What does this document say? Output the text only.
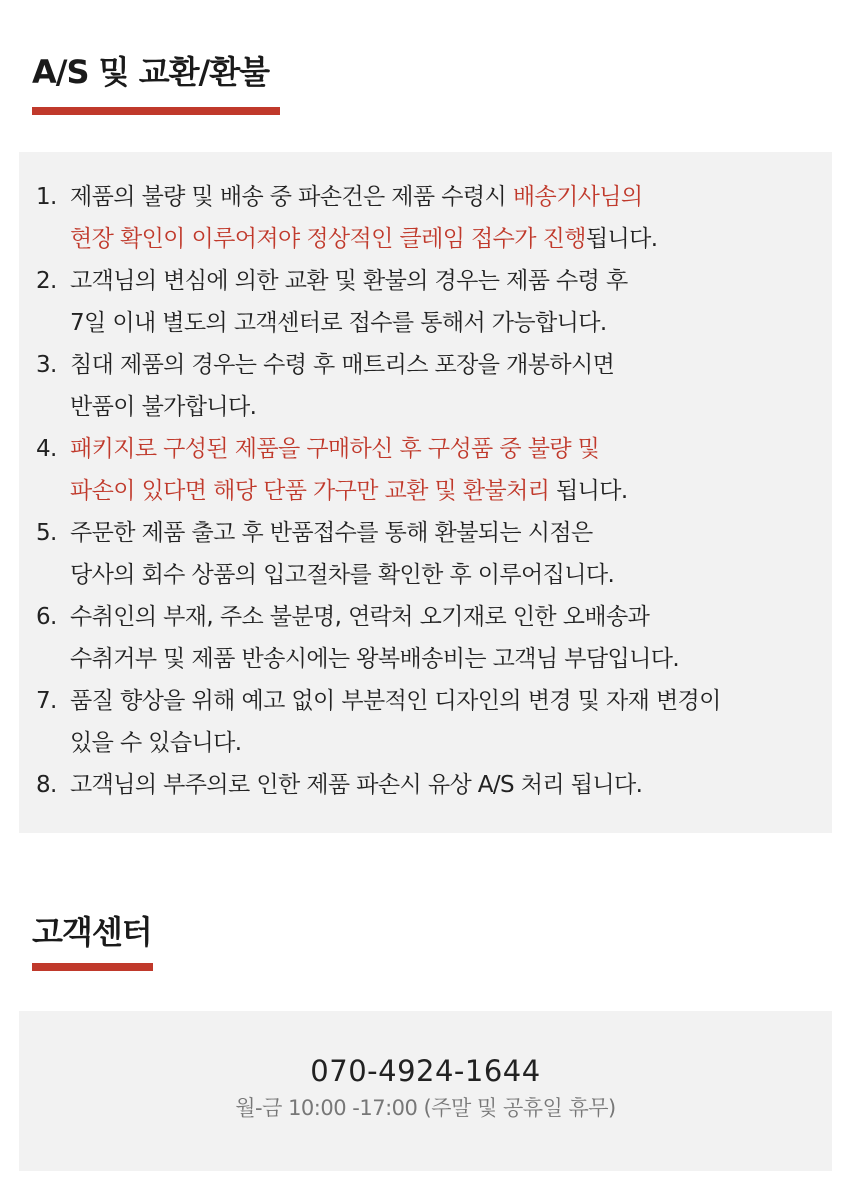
A/S 및 교환/환불
1. 제품의 불량 및 배송 중 파손건은 제품 수령시 배송기사님의
현장 확인이 이루어져야 정상적인 클레임 접수가 진행됩니다.
2. 고객님의 변심에 의한 교환 및 환불의 경우는 제품 수령 후
7일 이내 별도의 고객센터로 접수를 통해서 가능합니다.
3. 침대 제품의 경우는 수령 후 매트리스 포장을 개봉하시면
반품이 불가합니다.
4. 패키지로 구성된 제품을 구매하신 후 구성품 중 불량 및
파손이 있다면 해당 단품 가구만 교환 및 환불처리 됩니다.
5. 주문한 제품 출고 후 반품접수를 통해 환불되는 시점은
당사의 회수 상품의 입고절차를 확인한 후 이루어집니다.
6. 수취인의 부재, 주소 불분명, 연락처 오기재로 인한 오배송과
수취거부 및 제품 반송시에는 왕복배송비는 고객님 부담입니다.
7. 품질 향상을 위해 예고 없이 부분적인 디자인의 변경 및 자재 변경이
있을 수 있습니다.
8. 고객님의 부주의로 인한 제품 파손시 유상 A/S 처리 됩니다.
고객센터
070-4924-1644
월-금 10:00 -17:00 (주말 및 공휴일 휴무)
